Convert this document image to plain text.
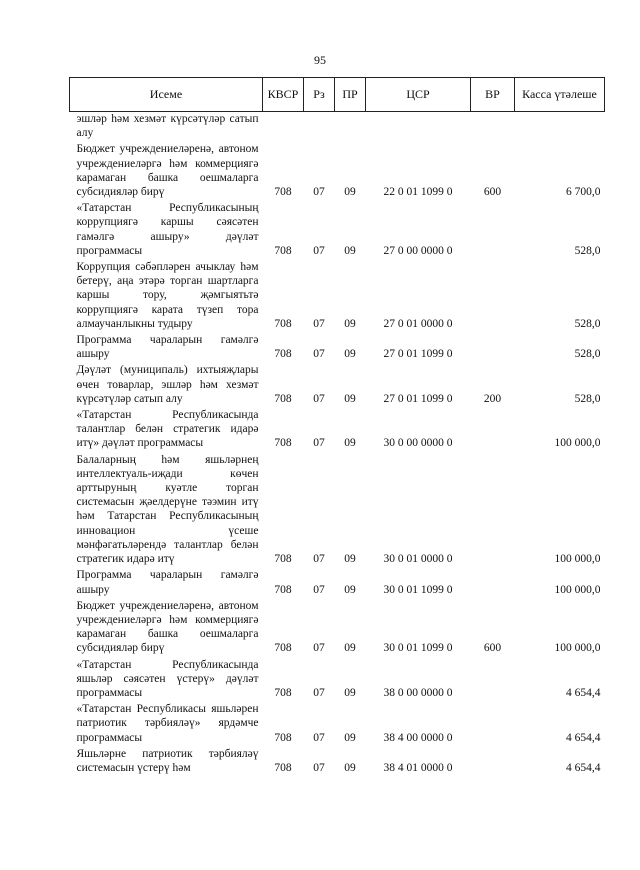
95
Исеме	КВСР	Рз	ПР	ЦСР	ВР	Касса үтәлеше
эшләр һәм хезмәт күрсәтүләр сатып алу						
Бюджет учреждениеләренә, автоном учреждениеләргә һәм коммерциягә карамаган башка оешмаларга субсидияләр бирү	708	07	09	22 0 01 1099 0	600	6 700,0
«Татарстан Республикасының коррупциягә каршы сәясәтен гамәлгә ашыру» дәүләт программасы	708	07	09	27 0 00 0000 0		528,0
Коррупция сәбәпләрен ачыклау һәм бетерү, аңа этәрә торган шартларга каршы тору, җәмгыятьтә коррупциягә карата түзеп тора алмаучанлыкны тудыру	708	07	09	27 0 01 0000 0		528,0
Программа чараларын гамәлгә ашыру	708	07	09	27 0 01 1099 0		528,0
Дәүләт (муниципаль) ихтыяҗлары өчен товарлар, эшләр һәм хезмәт күрсәтүләр сатып алу	708	07	09	27 0 01 1099 0	200	528,0
«Татарстан Республикасында талантлар белән стратегик идарә итү» дәүләт программасы	708	07	09	30 0 00 0000 0		100 000,0
Балаларның һәм яшьләрнең интеллектуаль-иҗади көчен арттыруның куәтле торган системасын җәелдерүне тәэмин итү һәм Татарстан Республикасының инновацион үсеше мәнфәгатьләрендә талантлар белән стратегик идарә итү	708	07	09	30 0 01 0000 0		100 000,0
Программа чараларын гамәлгә ашыру	708	07	09	30 0 01 1099 0		100 000,0
Бюджет учреждениеләренә, автоном учреждениеләргә һәм коммерциягә карамаган башка оешмаларга субсидияләр бирү	708	07	09	30 0 01 1099 0	600	100 000,0
«Татарстан Республикасында яшьләр сәясәтен үстерү» дәүләт программасы	708	07	09	38 0 00 0000 0		4 654,4
«Татарстан Республикасы яшьләрен патриотик тәрбияләү» ярдәмче программасы	708	07	09	38 4 00 0000 0		4 654,4
Яшьләрне патриотик тәрбияләү системасын үстерү һәм	708	07	09	38 4 01 0000 0		4 654,4
